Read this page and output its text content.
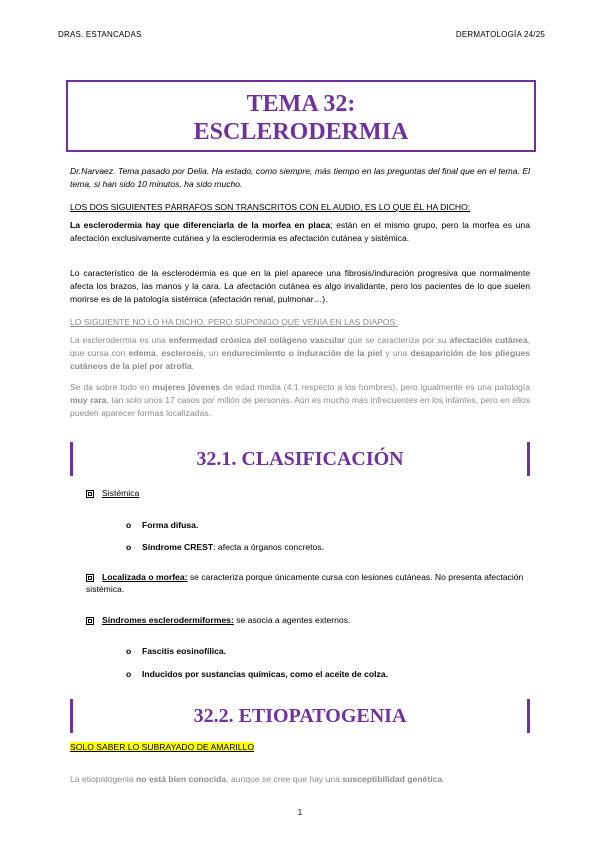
DRAS. ESTANCADAS	DERMATOLOGÍA 24/25
TEMA 32:
ESCLERODERMIA
Dr.Narvaez. Tema pasado por Delia. Ha estado, como siempre, más tiempo en las preguntas del final que en el tema. El tema, si han sido 10 minutos, ha sido mucho.
LOS DOS SIGUIENTES PÁRRAFOS SON TRANSCRITOS CON EL AUDIO, ES LO QUE ÉL HA DICHO:
La esclerodermia hay que diferenciarla de la morfea en placa; están en el mismo grupo, pero la morfea es una afectación exclusivamente cutánea y la esclerodermia es afectación cutánea y sistémica.
Lo característico de la esclerodermia es que en la piel aparece una fibrosis/induración progresiva que normalmente afecta los brazos, las manos y la cara. La afectación cutánea es algo invalidante, pero los pacientes de lo que suelen morirse es de la patología sistémica (afectación renal, pulmonar…).
LO SIGUIENTE NO LO HA DICHO, PERO SUPONGO QUE VENÍA EN LAS DIAPOS:
La esclerodermia es una enfermedad crónica del colágeno vascular que se caracteriza por su afectación cutánea, que cursa con edema, esclerosis, un endurecimiento o induración de la piel y una desaparición de los pliegues cutáneos de la piel por atrofia.
Se da sobre todo en mujeres jóvenes de edad media (4:1 respecto a los hombres), pero igualmente es una patología muy rara, tan solo unos 17 casos por millón de personas. Aún es mucho más infrecuentes en los infantes, pero en ellos pueden aparecer formas localizadas.
32.1. CLASIFICACIÓN
Sistémica
o Forma difusa.
o Síndrome CREST: afecta a órganos concretos.
Localizada o morfea: se caracteriza porque únicamente cursa con lesiones cutáneas. No presenta afectación sistémica.
Síndromes esclerodermiformes: se asocia a agentes externos.
o Fascitis eosinofílica.
o Inducidos por sustancias químicas, como el aceite de colza.
32.2. ETIOPATOGENIA
SOLO SABER LO SUBRAYADO DE AMARILLO
La etiopatogenia no está bien conocida, aunque se cree que hay una susceptibilidad genética.
1
